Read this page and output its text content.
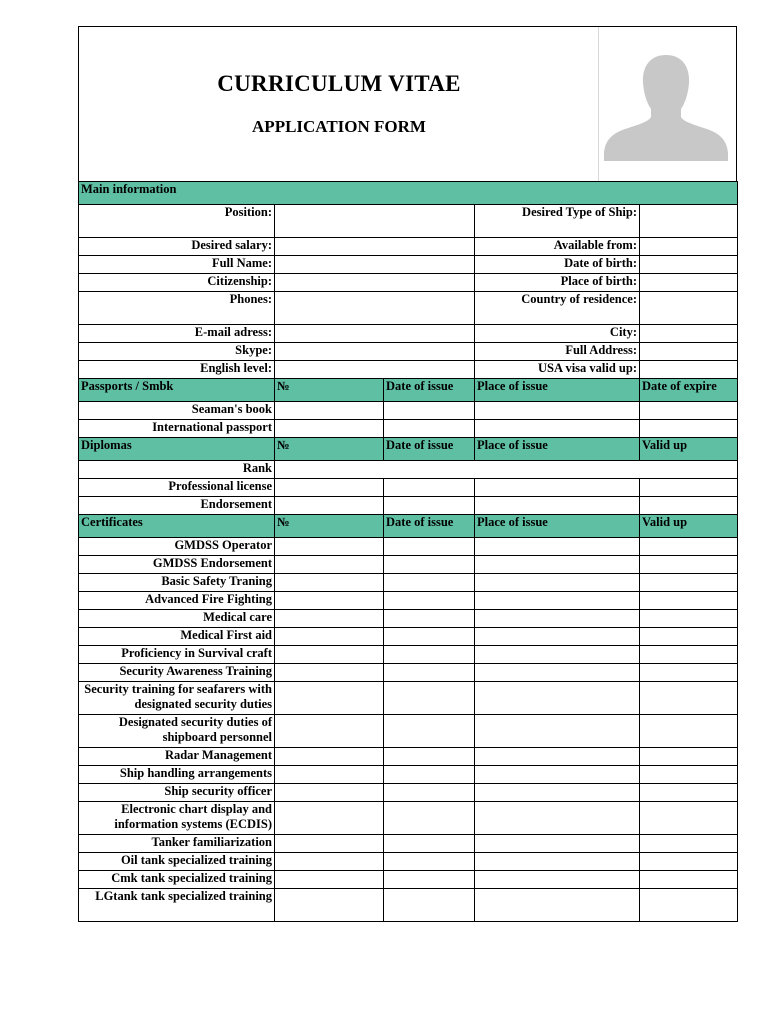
CURRICULUM VITAE
APPLICATION FORM
Main information				
Position:			Desired Type of Ship:	
Desired salary:			Available from:	
Full Name:			Date of birth:	
Citizenship:			Place of birth:	
Phones:			Country of residence:	
E-mail adress:			City:	
Skype:			Full Address:	
English level:			USA visa valid up:	
Passports / Smbk	№	Date of issue	Place of issue	Date of expire
Seaman's book				
International passport				
Diplomas	№	Date of issue	Place of issue	Valid up
Rank				
Professional license				
Endorsement				
Certificates	№	Date of issue	Place of issue	Valid up
GMDSS Operator				
GMDSS Endorsement				
Basic Safety Traning				
Advanced Fire Fighting				
Medical care				
Medical First aid				
Proficiency in Survival craft				
Security Awareness Training				
Security training for seafarers with designated security duties				
Designated security duties of shipboard personnel				
Radar Management				
Ship handling arrangements				
Ship security officer				
Electronic chart display and information systems (ECDIS)				
Tanker familiarization				
Oil tank specialized training				
Cmk tank specialized training				
LGtank tank specialized training				
